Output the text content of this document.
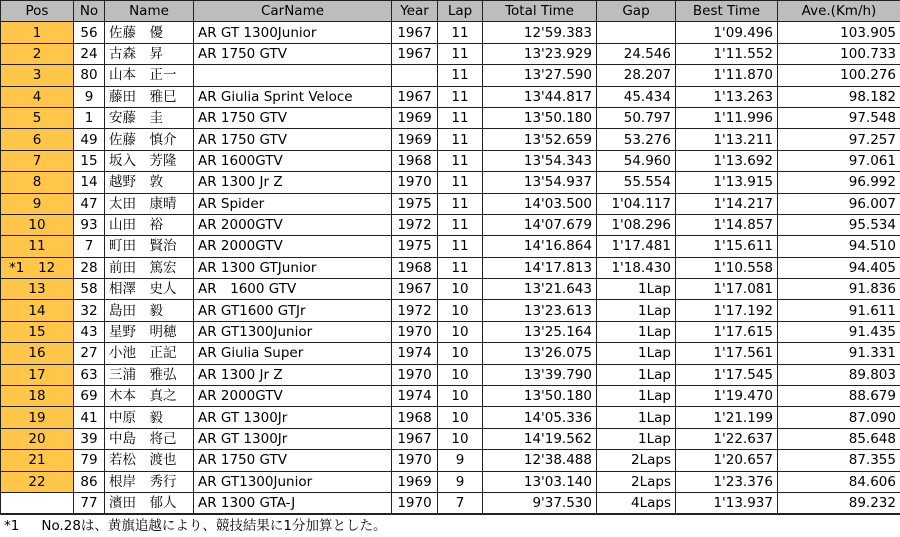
Pos	No	Name	CarName	Year	Lap	Total Time	Gap	Best Time	Ave.(Km/h)
1	56	佐藤　優	AR GT 1300Junior	1967	11	12'59.383		1'09.496	103.905
2	24	古森　昇	AR 1750 GTV	1967	11	13'23.929	24.546	1'11.552	100.733
3	80	山本　正一			11	13'27.590	28.207	1'11.870	100.276
4	9	藤田　雅巳	AR Giulia Sprint Veloce	1967	11	13'44.817	45.434	1'13.263	98.182
5	1	安藤　圭	AR 1750 GTV	1969	11	13'50.180	50.797	1'11.996	97.548
6	49	佐藤　慎介	AR 1750 GTV	1969	11	13'52.659	53.276	1'13.211	97.257
7	15	坂入　芳隆	AR 1600GTV	1968	11	13'54.343	54.960	1'13.692	97.061
8	14	越野　敦	AR 1300 Jr Z	1970	11	13'54.937	55.554	1'13.915	96.992
9	47	太田　康晴	AR Spider	1975	11	14'03.500	1'04.117	1'14.217	96.007
10	93	山田　裕	AR 2000GTV	1972	11	14'07.679	1'08.296	1'14.857	95.534
11	7	町田　賢治	AR 2000GTV	1975	11	14'16.864	1'17.481	1'15.611	94.510

*1 12	28	前田　篤宏	AR 1300 GTJunior	1968	11	14'17.813	1'18.430	1'10.558	94.405
13	58	相澤　史人	AR　1600 GTV	1967	10	13'21.643	1Lap	1'17.081	91.836
14	32	島田　毅	AR GT1600 GTJr	1972	10	13'23.613	1Lap	1'17.192	91.611
15	43	星野　明穂	AR GT1300Junior	1970	10	13'25.164	1Lap	1'17.615	91.435
16	27	小池　正記	AR Giulia Super	1974	10	13'26.075	1Lap	1'17.561	91.331
17	63	三浦　雅弘	AR 1300 Jr Z	1970	10	13'39.790	1Lap	1'17.545	89.803
18	69	木本　真之	AR 2000GTV	1974	10	13'50.180	1Lap	1'19.470	88.679
19	41	中原　毅	AR GT 1300Jr	1968	10	14'05.336	1Lap	1'21.199	87.090
20	39	中島　将己	AR GT 1300Jr	1967	10	14'19.562	1Lap	1'22.637	85.648
21	79	若松　渡也	AR 1750 GTV	1970	9	12'38.488	2Laps	1'20.657	87.355
22	86	根岸　秀行	AR GT1300Junior	1969	9	13'03.140	2Laps	1'23.376	84.606
	77	濱田　郁人	AR 1300 GTA-J	1970	7	9'37.530	4Laps	1'13.937	89.232
*1 No.28は、黄旗追越により、競技結果に1分加算とした。
